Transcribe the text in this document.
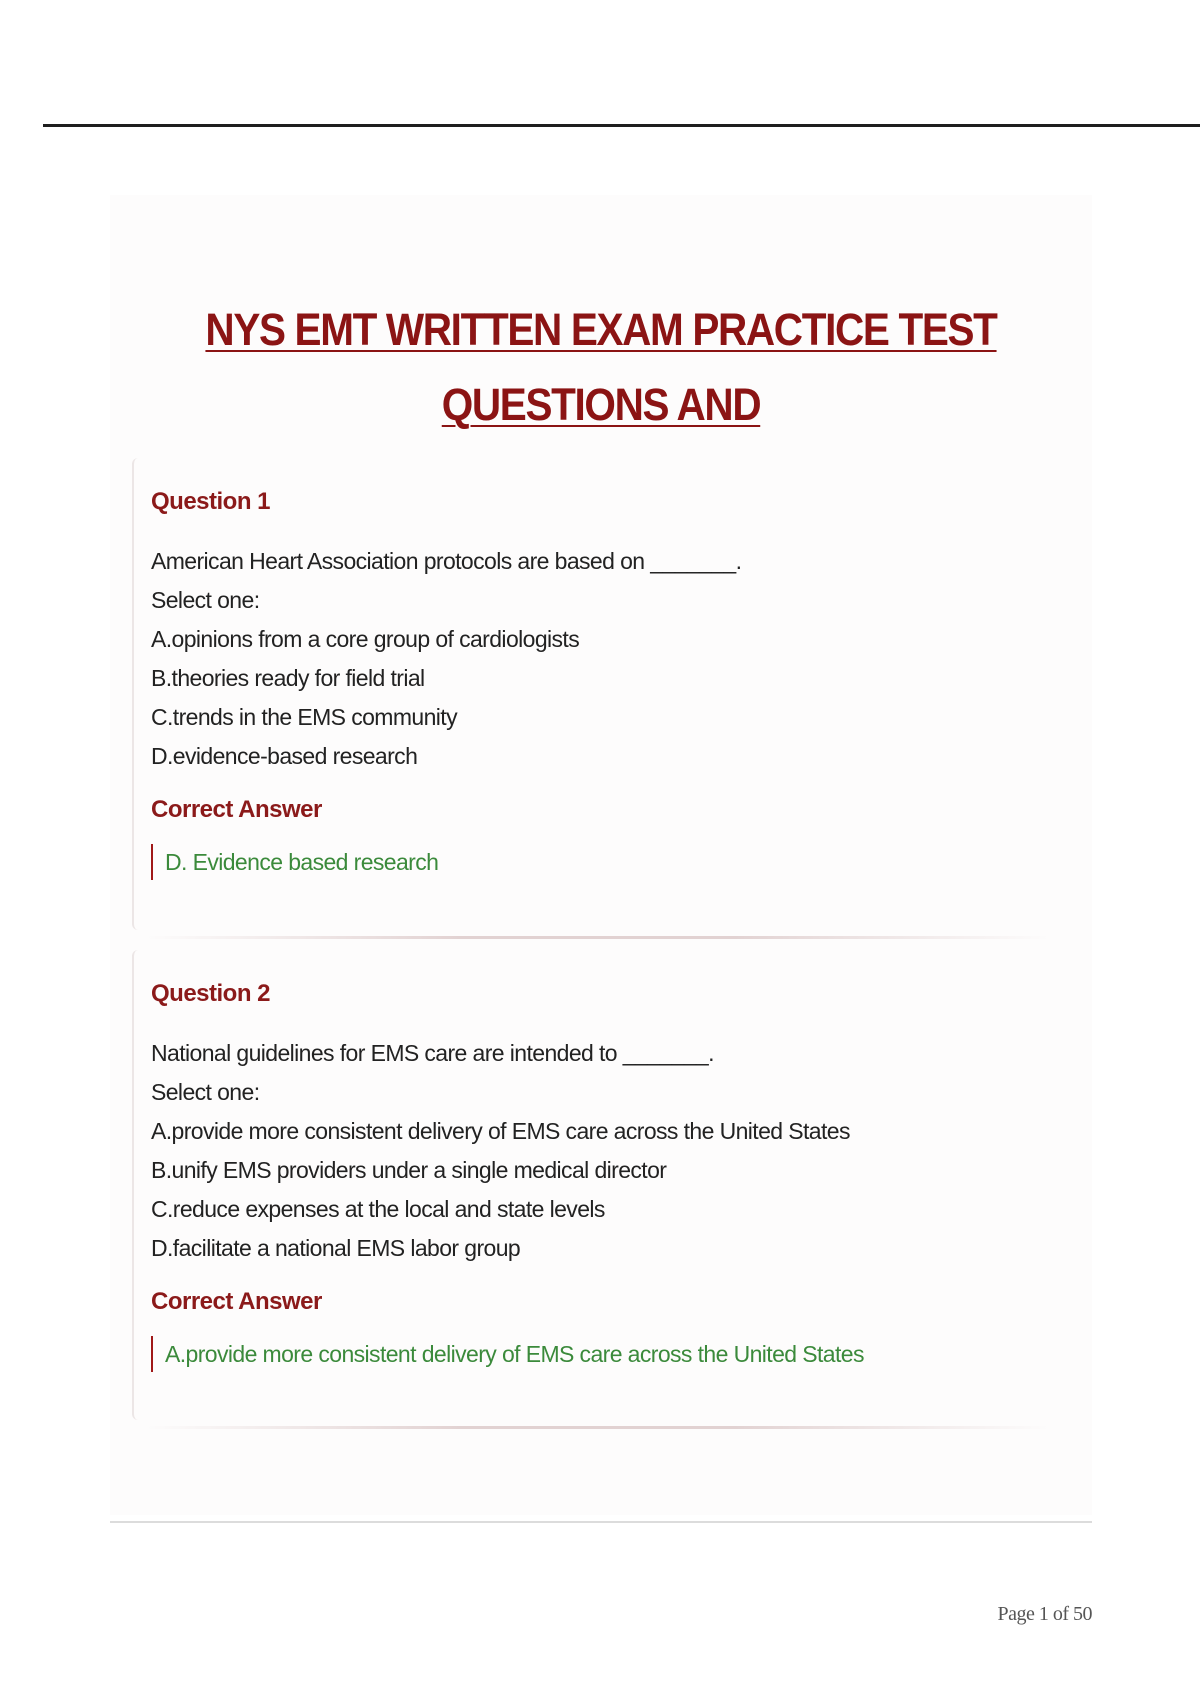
NYS EMT WRITTEN EXAM PRACTICE TEST QUESTIONS AND
Question 1
American Heart Association protocols are based on _______.
Select one:
A.opinions from a core group of cardiologists
B.theories ready for field trial
C.trends in the EMS community
D.evidence-based research
Correct Answer
D. Evidence based research
Question 2
National guidelines for EMS care are intended to _______.
Select one:
A.provide more consistent delivery of EMS care across the United States
B.unify EMS providers under a single medical director
C.reduce expenses at the local and state levels
D.facilitate a national EMS labor group
Correct Answer
A.provide more consistent delivery of EMS care across the United States
Page 1 of 50
